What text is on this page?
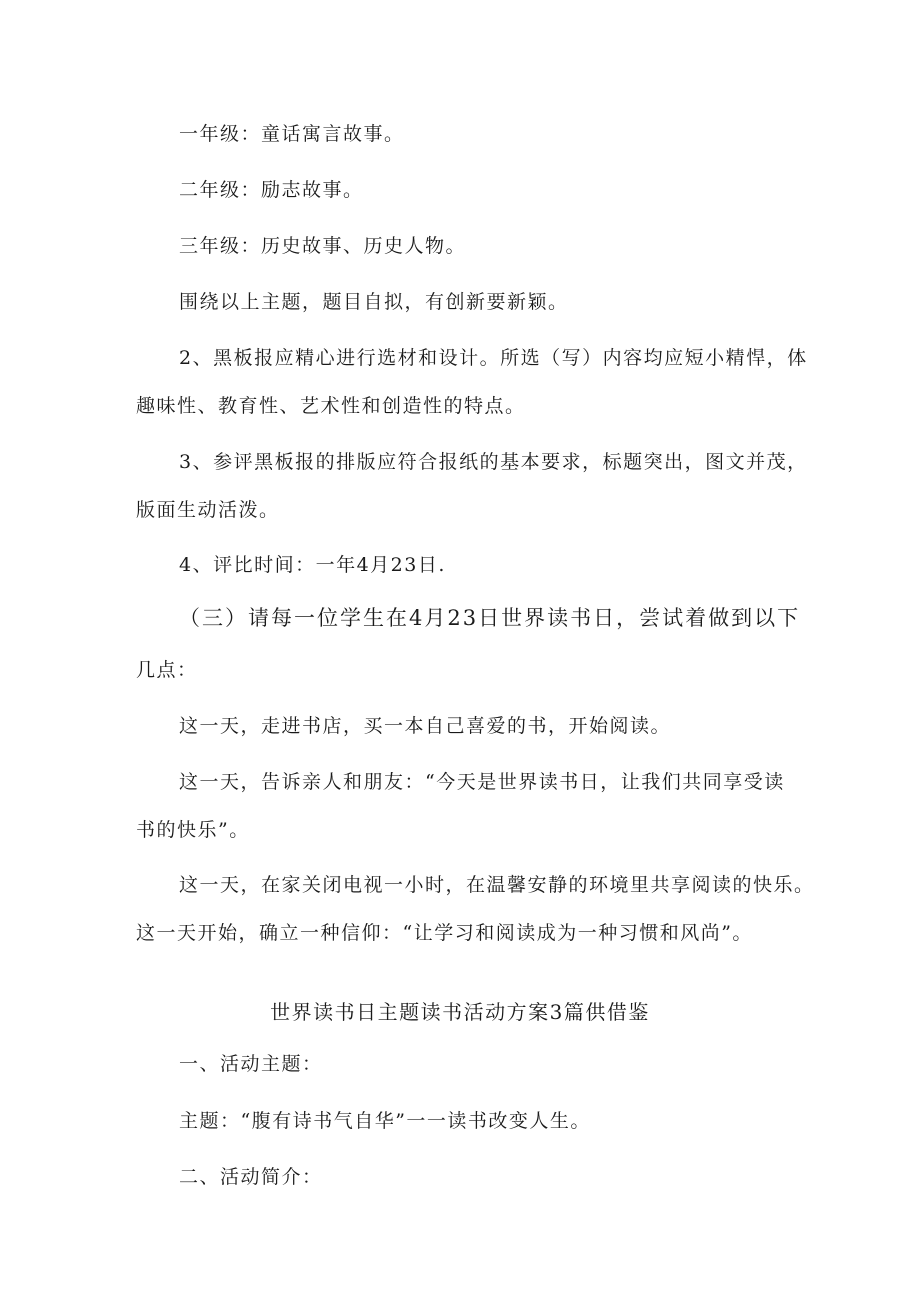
一年级：童话寓言故事。
二年级：励志故事。
三年级：历史故事、历史人物。
围绕以上主题，题目自拟，有创新要新颖。
2、黑板报应精心进行选材和设计。所选（写）内容均应短小精悍，体
趣味性、教育性、艺术性和创造性的特点。
3、参评黑板报的排版应符合报纸的基本要求，标题突出，图文并茂，
版面生动活泼。
4、评比时间：一年4月23日.
（三）请每一位学生在4月23日世界读书日，尝试着做到以下
几点：
这一天，走进书店，买一本自己喜爱的书，开始阅读。
这一天，告诉亲人和朋友：“今天是世界读书日，让我们共同享受读
书的快乐”。
这一天，在家关闭电视一小时，在温馨安静的环境里共享阅读的快乐。
这一天开始，确立一种信仰：“让学习和阅读成为一种习惯和风尚”。
世界读书日主题读书活动方案3篇供借鉴
一、活动主题：
主题：“腹有诗书气自华”一一读书改变人生。
二、活动简介：
